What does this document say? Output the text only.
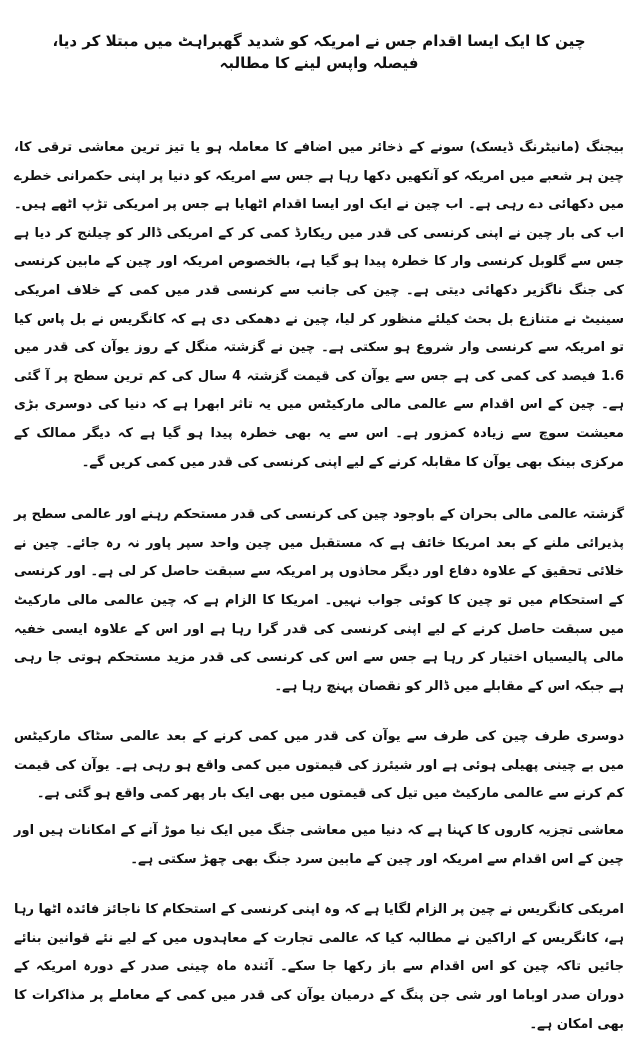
چین کا ایک ایسا اقدام جس نے امریکہ کو شدید گھبراہٹ میں مبتلا کر دیا، فیصلہ واپس لینے کا مطالبہ

بیجنگ (مانیٹرنگ ڈیسک) سونے کے ذخائر میں اضافے کا معاملہ ہو یا تیز ترین معاشی ترقی کا، چین ہر شعبے میں امریکہ کو آنکھیں دکھا رہا ہے جس سے امریکہ کو دنیا پر اپنی حکمرانی خطرے میں دکھائی دے رہی ہے۔ اب چین نے ایک اور ایسا اقدام اٹھایا ہے جس پر امریکی تڑپ اٹھے ہیں۔ اب کی بار چین نے اپنی کرنسی کی قدر میں ریکارڈ کمی کر کے امریکی ڈالر کو چیلنج کر دیا ہے جس سے گلوبل کرنسی وار کا خطرہ پیدا ہو گیا ہے، بالخصوص امریکہ اور چین کے مابین کرنسی کی جنگ ناگزیر دکھائی دیتی ہے۔ چین کی جانب سے کرنسی قدر میں کمی کے خلاف امریکی سینیٹ نے متنازع بل بحث کیلئے منظور کر لیا، چین نے دھمکی دی ہے کہ کانگریس نے بل پاس کیا تو امریکہ سے کرنسی وار شروع ہو سکتی ہے۔ چین نے گزشتہ منگل کے روز یوآن کی قدر میں 1.6 فیصد کی کمی کی ہے جس سے یوآن کی قیمت گزشتہ 4 سال کی کم ترین سطح پر آ گئی ہے۔ چین کے اس اقدام سے عالمی مالی مارکیٹس میں یہ تاثر ابھرا ہے کہ دنیا کی دوسری بڑی معیشت سوچ سے زیادہ کمزور ہے۔ اس سے یہ بھی خطرہ پیدا ہو گیا ہے کہ دیگر ممالک کے مرکزی بینک بھی یوآن کا مقابلہ کرنے کے لیے اپنی کرنسی کی قدر میں کمی کریں گے۔

گزشتہ عالمی مالی بحران کے باوجود چین کی کرنسی کی قدر مستحکم رہنے اور عالمی سطح پر پذیرائی ملنے کے بعد امریکا خائف ہے کہ مستقبل میں چین واحد سپر پاور نہ رہ جائے۔ چین نے خلائی تحقیق کے علاوہ دفاع اور دیگر محاذوں پر امریکہ سے سبقت حاصل کر لی ہے۔ اور کرنسی کے استحکام میں تو چین کا کوئی جواب نہیں۔ امریکا کا الزام ہے کہ چین عالمی مالی مارکیٹ میں سبقت حاصل کرنے کے لیے اپنی کرنسی کی قدر گرا رہا ہے اور اس کے علاوہ ایسی خفیہ مالی پالیسیاں اختیار کر رہا ہے جس سے اس کی کرنسی کی قدر مزید مستحکم ہوتی جا رہی ہے جبکہ اس کے مقابلے میں ڈالر کو نقصان پہنچ رہا ہے۔

دوسری طرف چین کی طرف سے یوآن کی قدر میں کمی کرنے کے بعد عالمی سٹاک مارکیٹس میں بے چینی پھیلی ہوئی ہے اور شیئرز کی قیمتوں میں کمی واقع ہو رہی ہے۔ یوآن کی قیمت کم کرنے سے عالمی مارکیٹ میں تیل کی قیمتوں میں بھی ایک بار پھر کمی واقع ہو گئی ہے۔

معاشی تجزیہ کاروں کا کہنا ہے کہ دنیا میں معاشی جنگ میں ایک نیا موڑ آنے کے امکانات ہیں اور چین کے اس اقدام سے امریکہ اور چین کے مابین سرد جنگ بھی چھڑ سکتی ہے۔

امریکی کانگریس نے چین پر الزام لگایا ہے کہ وہ اپنی کرنسی کے استحکام کا ناجائز فائدہ اٹھا رہا ہے، کانگریس کے اراکین نے مطالبہ کیا کہ عالمی تجارت کے معاہدوں میں کے لیے نئے قوانین بنائے جائیں تاکہ چین کو اس اقدام سے باز رکھا جا سکے۔ آئندہ ماہ چینی صدر کے دورہ امریکہ کے دوران صدر اوباما اور شی جن پنگ کے درمیان یوآن کی قدر میں کمی کے معاملے پر مذاکرات کا بھی امکان ہے۔
